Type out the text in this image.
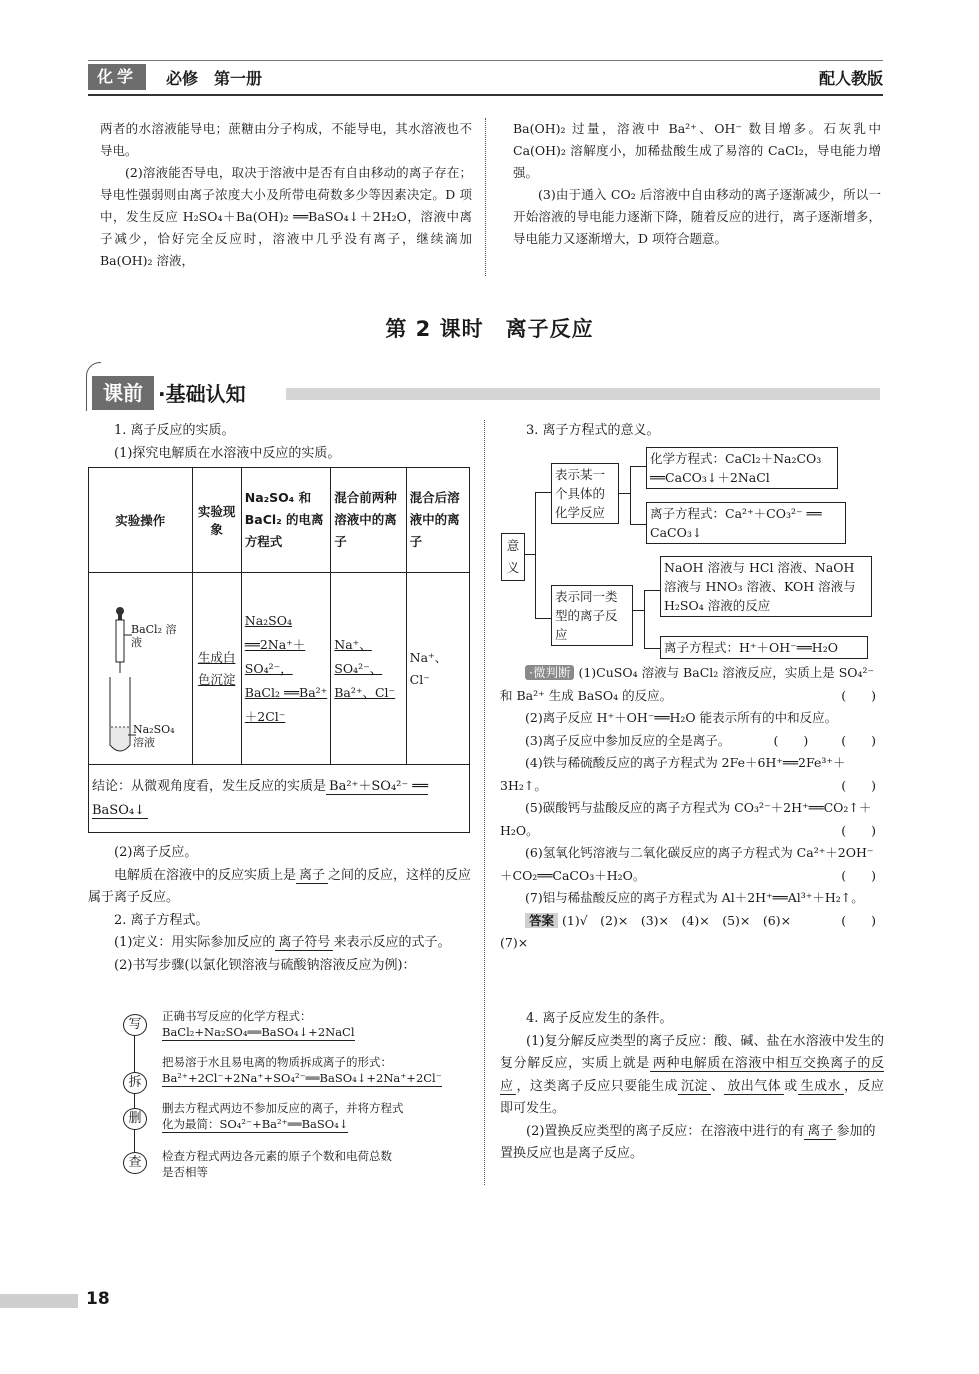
化学	必修　第一册	配人教版

两者的水溶液能导电；蔗糖由分子构成，不能导电，其水溶液也不导电。

(2)溶液能否导电，取决于溶液中是否有自由移动的离子存在；导电性强弱则由离子浓度大小及所带电荷数多少等因素决定。D 项中，发生反应 H₂SO₄＋Ba(OH)₂ ══BaSO₄↓＋2H₂O，溶液中离子减少，恰好完全反应时，溶液中几乎没有离子，继续滴加 Ba(OH)₂ 溶液，

Ba(OH)₂ 过量，溶液中 Ba²⁺、OH⁻ 数目增多。石灰乳中 Ca(OH)₂ 溶解度小，加稀盐酸生成了易溶的 CaCl₂，导电能力增强。

(3)由于通入 CO₂ 后溶液中自由移动的离子逐渐减少，所以一开始溶液的导电能力逐渐下降，随着反应的进行，离子逐渐增多，导电能力又逐渐增大，D 项符合题意。

第 2 课时　离子反应
课前 ·基础认知

1. 离子反应的实质。

(1)探究电解质在水溶液中反应的实质。

实验操作	实验现象	Na₂SO₄ 和 BaCl₂ 的电离方程式	混合前两种溶液中的离子	混合后溶液中的离子

BaCl₂ 溶液
Na₂SO₄ 溶液	生成白色沉淀	Na₂SO₄ ══2Na⁺＋SO₄²⁻，BaCl₂ ══Ba²⁺＋2Cl⁻	Na⁺、SO₄²⁻、Ba²⁺、Cl⁻	Na⁺、Cl⁻
结论：从微观角度看，发生反应的实质是 Ba²⁺＋SO₄²⁻ ══ BaSO₄↓				

(2)离子反应。

电解质在溶液中的反应实质上是 离子 之间的反应，这样的反应属于离子反应。

2. 离子方程式。

(1)定义：用实际参加反应的 离子符号 来表示反应的式子。

(2)书写步骤(以氯化钡溶液与硫酸钠溶液反应为例)：

写
拆
删
查
正确书写反应的化学方程式：
BaCl₂+Na₂SO₄══BaSO₄↓+2NaCl
把易溶于水且易电离的物质拆成离子的形式：
Ba²⁺+2Cl⁻+2Na⁺+SO₄²⁻══BaSO₄↓+2Na⁺+2Cl⁻
删去方程式两边不参加反应的离子，并将方程式
化为最简：SO₄²⁻+Ba²⁺══BaSO₄↓
检查方程式两边各元素的原子个数和电荷总数
是否相等

3. 离子方程式的意义。

意义
表示某一个具体的化学反应
化学方程式：CaCl₂＋Na₂CO₃ ══CaCO₃↓＋2NaCl
离子方程式：Ca²⁺＋CO₃²⁻ ══ CaCO₃↓
表示同一类型的离子反应
NaOH 溶液与 HCl 溶液、NaOH 溶液与 HNO₃ 溶液、KOH 溶液与 H₂SO₄ 溶液的反应
离子方程式：H⁺＋OH⁻══H₂O

·微判断 (1)CuSO₄ 溶液与 BaCl₂ 溶液反应，实质上是 SO₄²⁻ 和 Ba²⁺ 生成 BaSO₄ 的反应。	(　　)

(2)离子反应 H⁺＋OH⁻══H₂O 能表示所有的中和反应。
(　　)

(3)离子反应中参加反应的全是离子。	(　　)

(4)铁与稀硫酸反应的离子方程式为 2Fe＋6H⁺══2Fe³⁺＋3H₂↑。	(　　)

(5)碳酸钙与盐酸反应的离子方程式为 CO₃²⁻＋2H⁺══CO₂↑＋H₂O。	(　　)

(6)氢氧化钙溶液与二氧化碳反应的离子方程式为 Ca²⁺＋2OH⁻＋CO₂══CaCO₃＋H₂O。	(　　)

(7)铝与稀盐酸反应的离子方程式为 Al＋2H⁺══Al³⁺＋H₂↑。
(　　)

答案 (1)√　(2)×　(3)×　(4)×　(5)×　(6)×　(7)×

4. 离子反应发生的条件。

(1)复分解反应类型的离子反应：酸、碱、盐在水溶液中发生的复分解反应，实质上就是 两种电解质在溶液中相互交换离子的反应 ，这类离子反应只要能生成 沉淀 、 放出气体 或 生成水 ，反应即可发生。

(2)置换反应类型的离子反应：在溶液中进行的有 离子 参加的置换反应也是离子反应。

18
